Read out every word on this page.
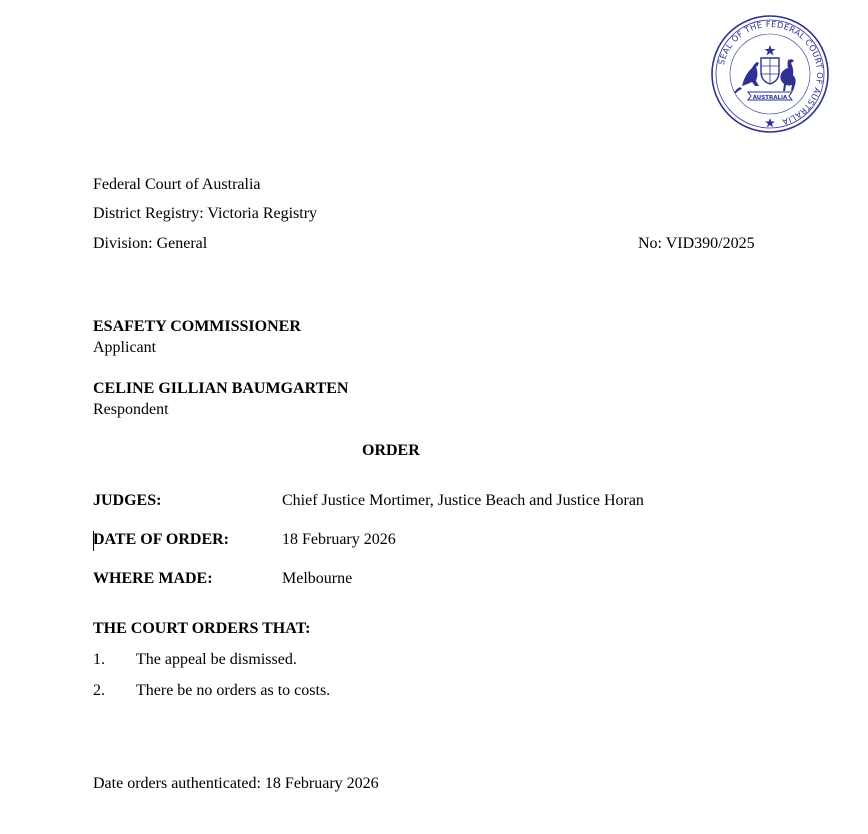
SEAL OF THE FEDERAL COURT OF AUSTRALIA
AUSTRALIA
Federal Court of Australia
District Registry: Victoria Registry
Division: General	No: VID390/2025
ESAFETY COMMISSIONER
Applicant
CELINE GILLIAN BAUMGARTEN
Respondent
ORDER
JUDGES:	Chief Justice Mortimer, Justice Beach and Justice Horan
DATE OF ORDER:	18 February 2026
WHERE MADE:	Melbourne
THE COURT ORDERS THAT:
1. The appeal be dismissed.
2. There be no orders as to costs.
Date orders authenticated: 18 February 2026
